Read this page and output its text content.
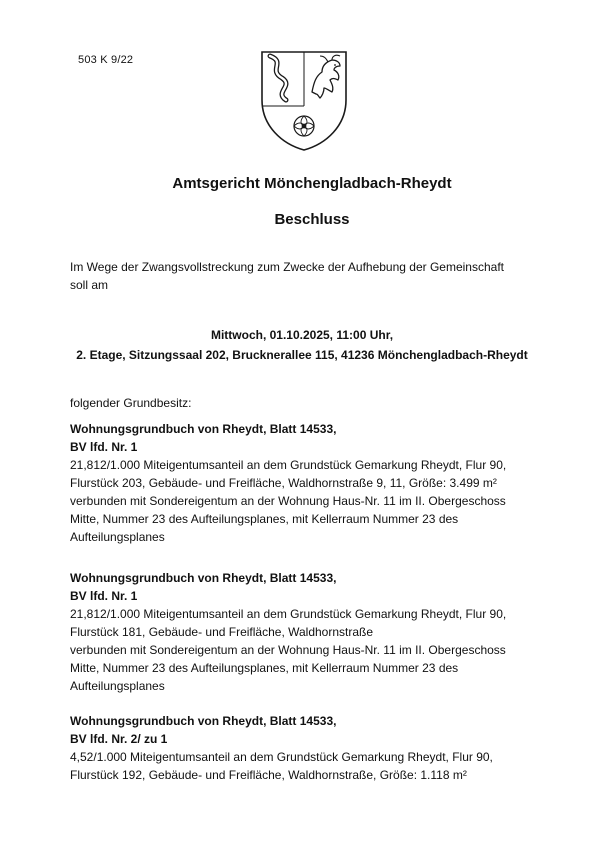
503 K 9/22
Amtsgericht Mönchengladbach-Rheydt
Beschluss
Im Wege der Zwangsvollstreckung zum Zwecke der Aufhebung der Gemeinschaft
soll am
Mittwoch, 01.10.2025, 11:00 Uhr,
2. Etage, Sitzungssaal 202, Brucknerallee 115, 41236 Mönchengladbach-Rheydt
folgender Grundbesitz:
Wohnungsgrundbuch von Rheydt, Blatt 14533,
BV lfd. Nr. 1
21,812/1.000 Miteigentumsanteil an dem Grundstück Gemarkung Rheydt, Flur 90,
Flurstück 203, Gebäude- und Freifläche, Waldhornstraße 9, 11, Größe: 3.499 m²
verbunden mit Sondereigentum an der Wohnung Haus-Nr. 11 im II. Obergeschoss
Mitte, Nummer 23 des Aufteilungsplanes, mit Kellerraum Nummer 23 des
Aufteilungsplanes
Wohnungsgrundbuch von Rheydt, Blatt 14533,
BV lfd. Nr. 1
21,812/1.000 Miteigentumsanteil an dem Grundstück Gemarkung Rheydt, Flur 90,
Flurstück 181, Gebäude- und Freifläche, Waldhornstraße
verbunden mit Sondereigentum an der Wohnung Haus-Nr. 11 im II. Obergeschoss
Mitte, Nummer 23 des Aufteilungsplanes, mit Kellerraum Nummer 23 des
Aufteilungsplanes
Wohnungsgrundbuch von Rheydt, Blatt 14533,
BV lfd. Nr. 2/ zu 1
4,52/1.000 Miteigentumsanteil an dem Grundstück Gemarkung Rheydt, Flur 90,
Flurstück 192, Gebäude- und Freifläche, Waldhornstraße, Größe: 1.118 m²
